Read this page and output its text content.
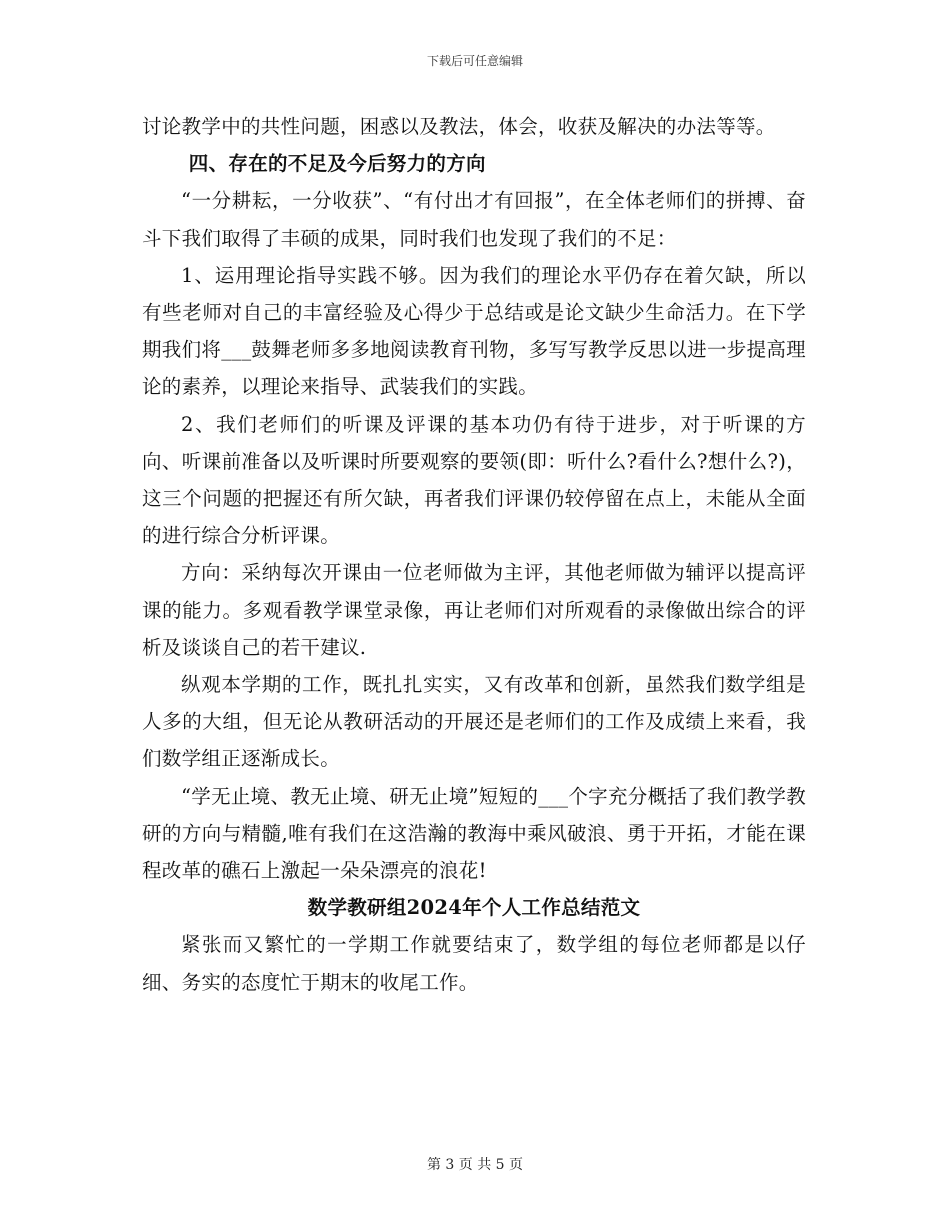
下载后可任意编辑

讨论教学中的共性问题，困惑以及教法，体会，收获及解决的办法等等。

四、存在的不足及今后努力的方向

“一分耕耘，一分收获”、“有付出才有回报”，在全体老师们的拼搏、奋斗下我们取得了丰硕的成果，同时我们也发现了我们的不足：

1、运用理论指导实践不够。因为我们的理论水平仍存在着欠缺，所以有些老师对自己的丰富经验及心得少于总结或是论文缺少生命活力。在下学期我们将___鼓舞老师多多地阅读教育刊物，多写写教学反思以进一步提高理论的素养，以理论来指导、武装我们的实践。

2、我们老师们的听课及评课的基本功仍有待于进步，对于听课的方向、听课前准备以及听课时所要观察的要领(即：听什么?看什么?想什么?)，这三个问题的把握还有所欠缺，再者我们评课仍较停留在点上，未能从全面的进行综合分析评课。

方向：采纳每次开课由一位老师做为主评，其他老师做为辅评以提高评课的能力。多观看教学课堂录像，再让老师们对所观看的录像做出综合的评析及谈谈自己的若干建议.

纵观本学期的工作，既扎扎实实，又有改革和创新，虽然我们数学组是人多的大组，但无论从教研活动的开展还是老师们的工作及成绩上来看，我们数学组正逐渐成长。

“学无止境、教无止境、研无止境”短短的___个字充分概括了我们教学教研的方向与精髓,唯有我们在这浩瀚的教海中乘风破浪、勇于开拓，才能在课程改革的礁石上激起一朵朵漂亮的浪花!

数学教研组2024年个人工作总结范文

紧张而又繁忙的一学期工作就要结束了，数学组的每位老师都是以仔细、务实的态度忙于期末的收尾工作。

第 3 页 共 5 页
